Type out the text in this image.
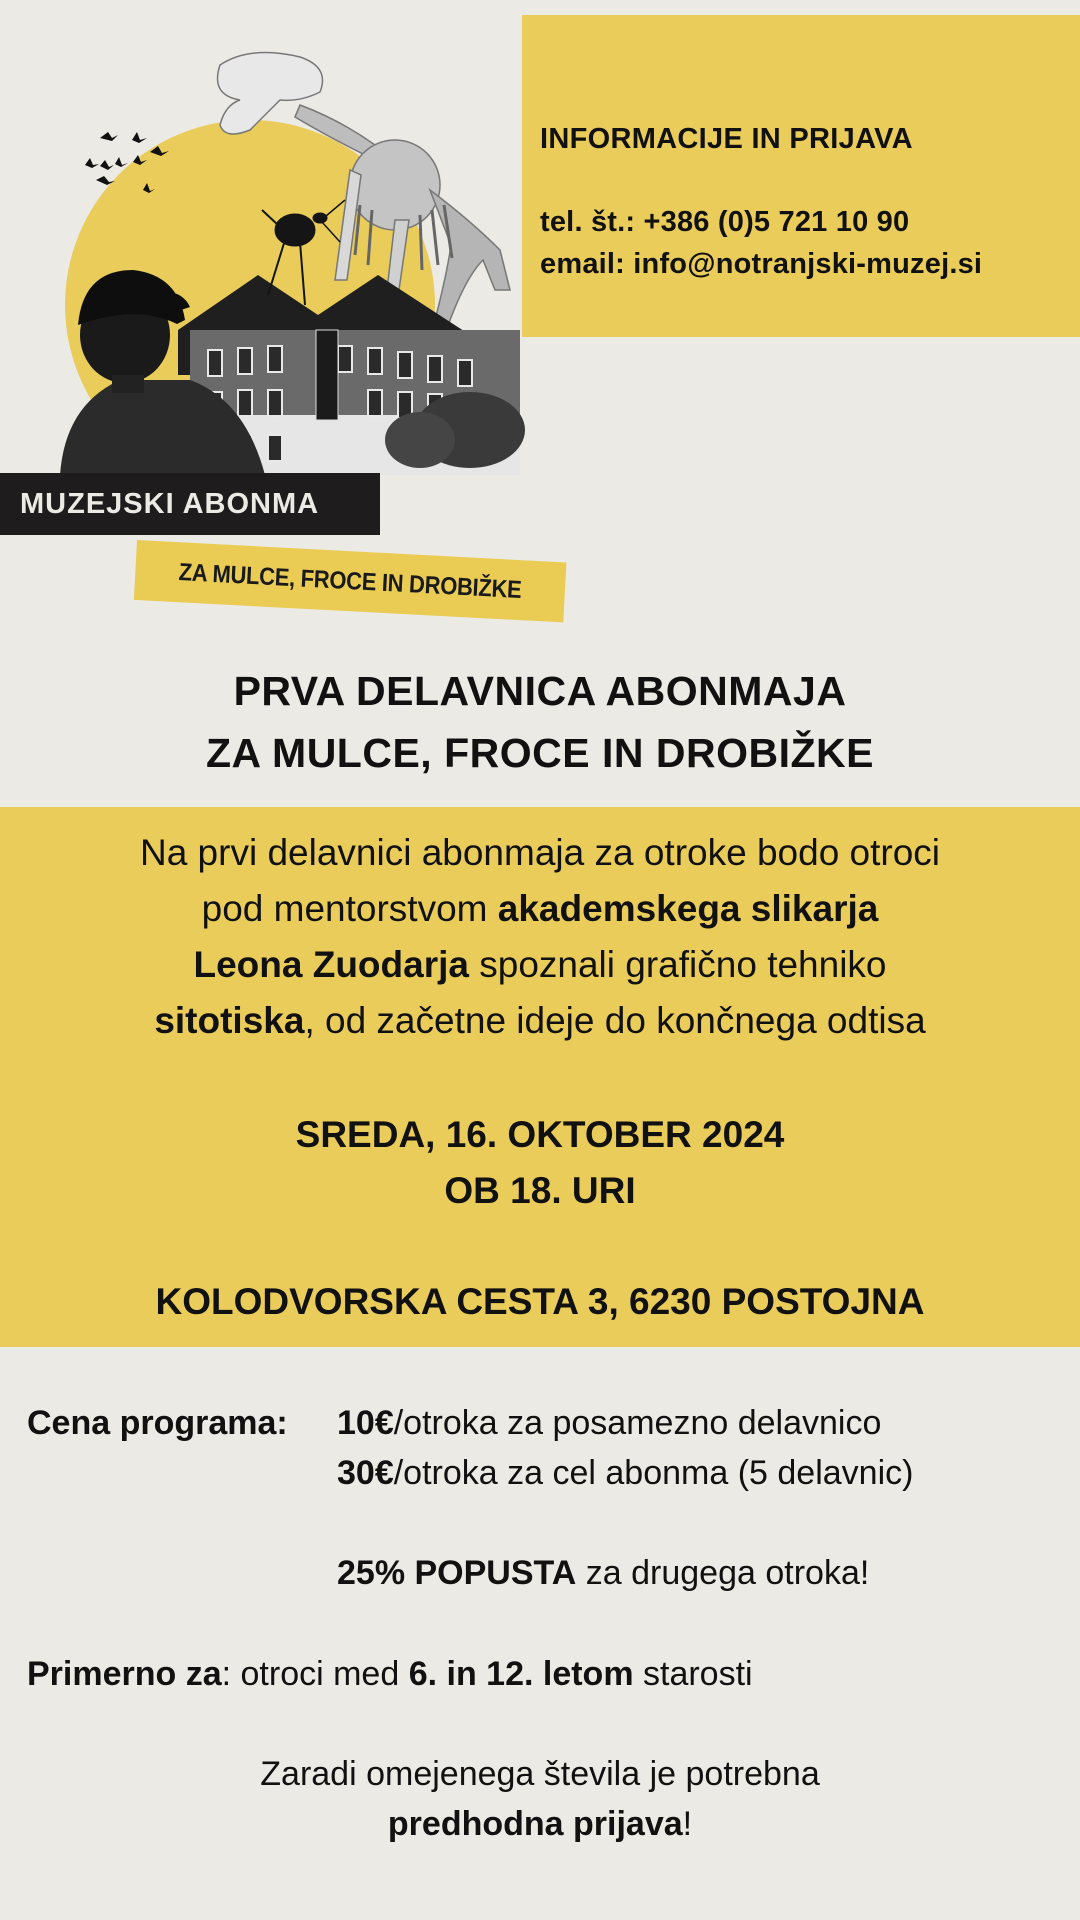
INFORMACIJE IN PRIJAVA
tel. št.: +386 (0)5 721 10 90
email: info@notranjski-muzej.si
MUZEJSKI ABONMA
ZA MULCE, FROCE IN DROBIŽKE
PRVA DELAVNICA ABONMAJA
ZA MULCE, FROCE IN DROBIŽKE
Na prvi delavnici abonmaja za otroke bodo otroci
pod mentorstvom akademskega slikarja
Leona Zuodarja spoznali grafično tehniko
sitotiska, od začetne ideje do končnega odtisa
SREDA, 16. OKTOBER 2024
OB 18. URI
KOLODVORSKA CESTA 3, 6230 POSTOJNA
Cena programa: 10€/otroka za posamezno delavnico
30€/otroka za cel abonma (5 delavnic)
25% POPUSTA za drugega otroka!
Primerno za: otroci med 6. in 12. letom starosti
Zaradi omejenega števila je potrebna
predhodna prijava!
